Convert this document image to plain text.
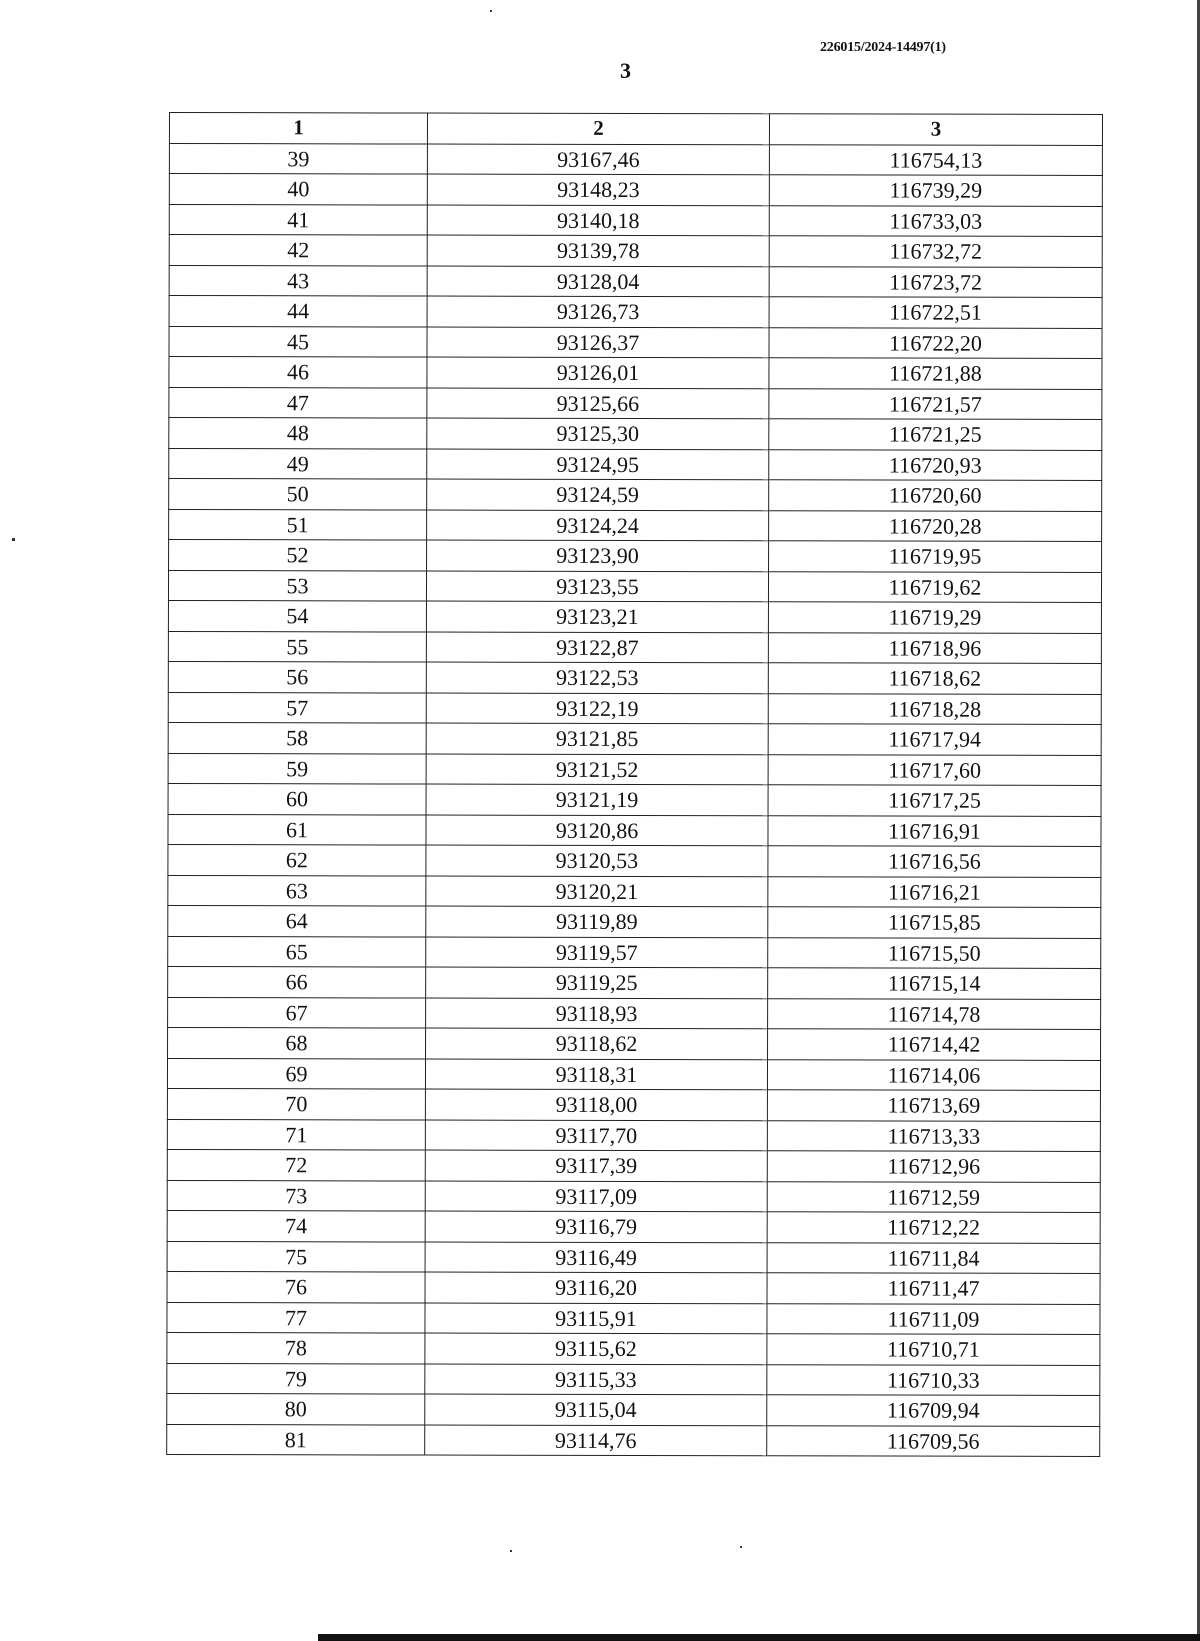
226015/2024-14497(1)
3
1	2	3
39	93167,46	116754,13
40	93148,23	116739,29
41	93140,18	116733,03
42	93139,78	116732,72
43	93128,04	116723,72
44	93126,73	116722,51
45	93126,37	116722,20
46	93126,01	116721,88
47	93125,66	116721,57
48	93125,30	116721,25
49	93124,95	116720,93
50	93124,59	116720,60
51	93124,24	116720,28
52	93123,90	116719,95
53	93123,55	116719,62
54	93123,21	116719,29
55	93122,87	116718,96
56	93122,53	116718,62
57	93122,19	116718,28
58	93121,85	116717,94
59	93121,52	116717,60
60	93121,19	116717,25
61	93120,86	116716,91
62	93120,53	116716,56
63	93120,21	116716,21
64	93119,89	116715,85
65	93119,57	116715,50
66	93119,25	116715,14
67	93118,93	116714,78
68	93118,62	116714,42
69	93118,31	116714,06
70	93118,00	116713,69
71	93117,70	116713,33
72	93117,39	116712,96
73	93117,09	116712,59
74	93116,79	116712,22
75	93116,49	116711,84
76	93116,20	116711,47
77	93115,91	116711,09
78	93115,62	116710,71
79	93115,33	116710,33
80	93115,04	116709,94
81	93114,76	116709,56
